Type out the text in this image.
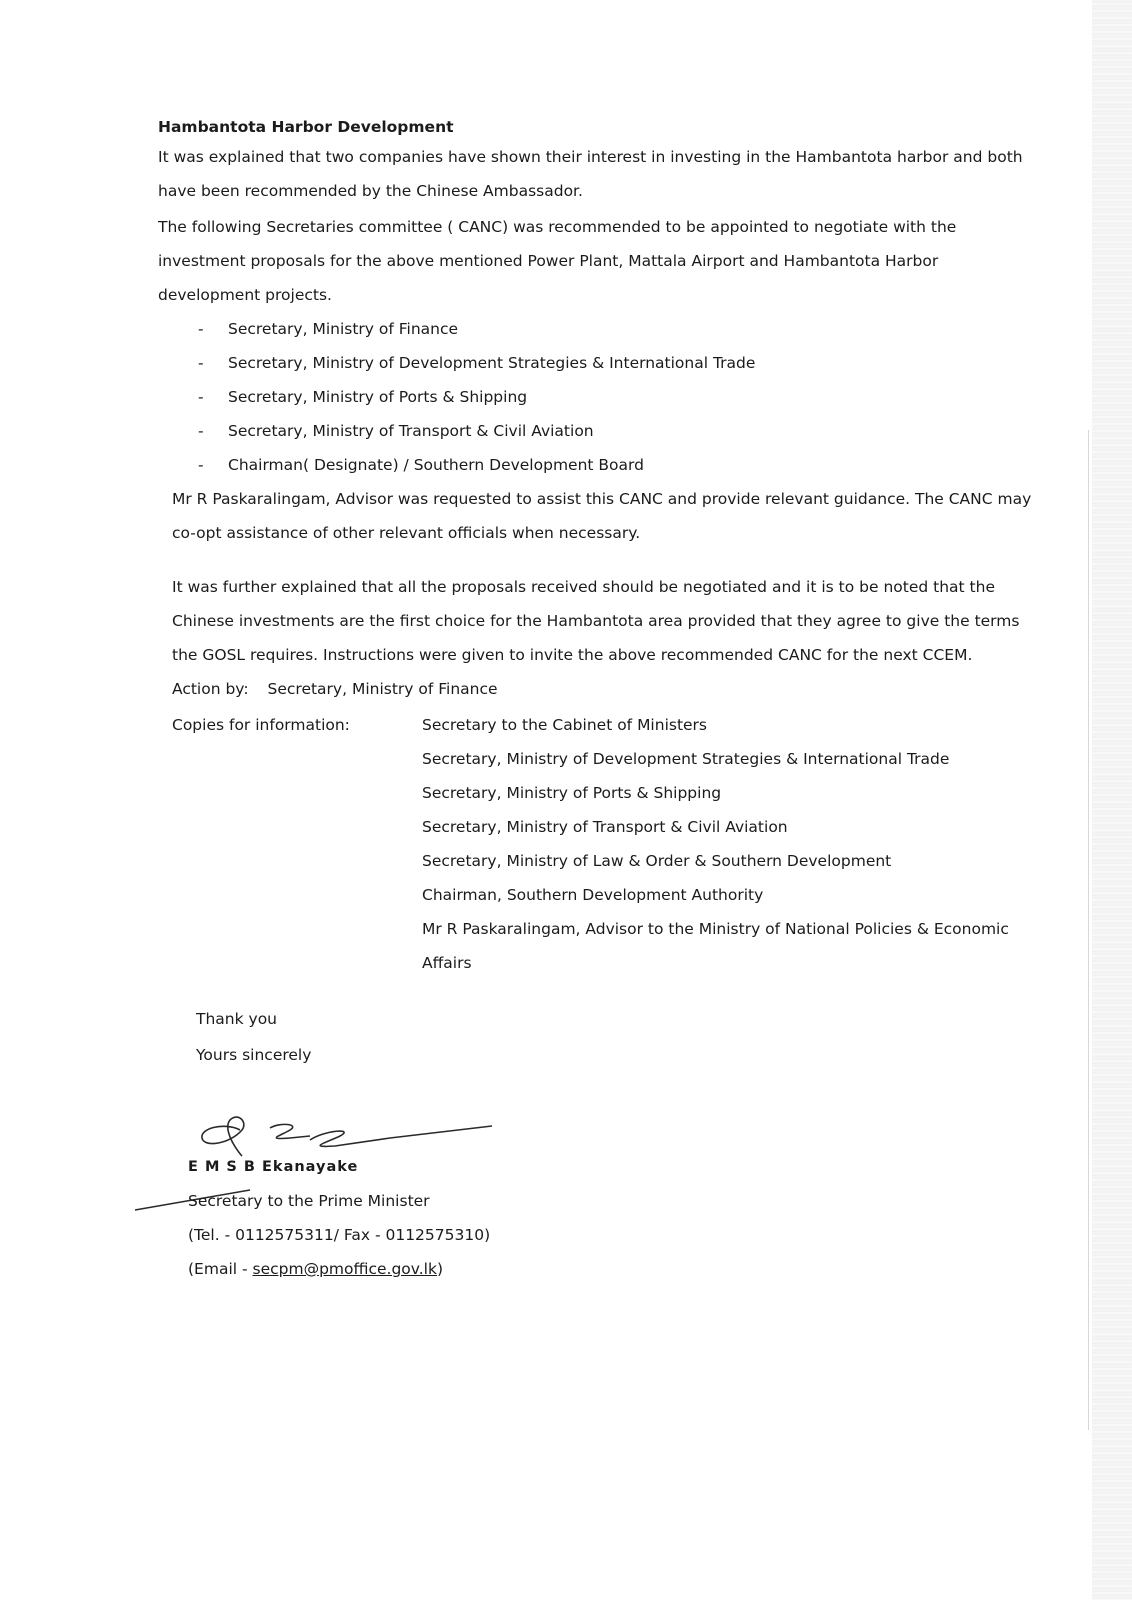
Hambantota Harbor Development

It was explained that two companies have shown their interest in investing in the Hambantota harbor and both have been recommended by the Chinese Ambassador.

The following Secretaries committee ( CANC) was recommended to be appointed to negotiate with the investment proposals for the above mentioned Power Plant, Mattala Airport and Hambantota Harbor development projects.

- Secretary, Ministry of Finance
- Secretary, Ministry of Development Strategies & International Trade
- Secretary, Ministry of Ports & Shipping
- Secretary, Ministry of Transport & Civil Aviation
- Chairman( Designate) / Southern Development Board

Mr R Paskaralingam, Advisor was requested to assist this CANC and provide relevant guidance. The CANC may co-opt assistance of other relevant officials when necessary.

It was further explained that all the proposals received should be negotiated and it is to be noted that the Chinese investments are the first choice for the Hambantota area provided that they agree to give the terms the GOSL requires. Instructions were given to invite the above recommended CANC for the next CCEM.

Action by: Secretary, Ministry of Finance
Copies for information:	Secretary to the Cabinet of Ministers
Secretary, Ministry of Development Strategies & International Trade
Secretary, Ministry of Ports & Shipping
Secretary, Ministry of Transport & Civil Aviation
Secretary, Ministry of Law & Order & Southern Development
Chairman, Southern Development Authority
Mr R Paskaralingam, Advisor to the Ministry of National Policies & Economic Affairs
Thank you
Yours sincerely
E M S B Ekanayake
Secretary to the Prime Minister
(Tel. - 0112575311/ Fax - 0112575310)
(Email - secpm@pmoffice.gov.lk)
